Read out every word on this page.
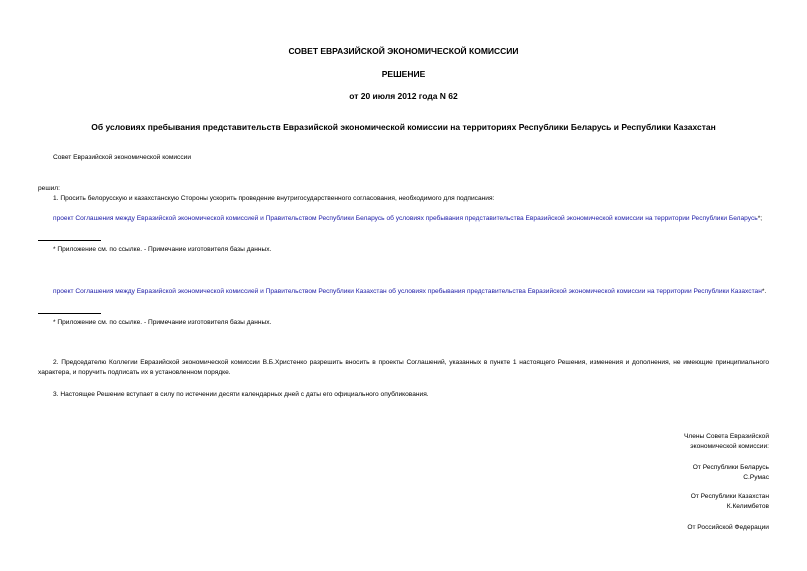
СОВЕТ ЕВРАЗИЙСКОЙ ЭКОНОМИЧЕСКОЙ КОМИССИИ
РЕШЕНИЕ
от 20 июля 2012 года N 62
Об условиях пребывания представительств Евразийской экономической комиссии на территориях Республики Беларусь и Республики Казахстан
Совет Евразийской экономической комиссии
решил:
1. Просить белорусскую и казахстанскую Стороны ускорить проведение внутригосударственного согласования, необходимого для подписания:
проект Соглашения между Евразийской экономической комиссией и Правительством Республики Беларусь об условиях пребывания представительства Евразийской экономической комиссии на территории Республики Беларусь*;
* Приложение см. по ссылке. - Примечание изготовителя базы данных.
проект Соглашения между Евразийской экономической комиссией и Правительством Республики Казахстан об условиях пребывания представительства Евразийской экономической комиссии на территории Республики Казахстан*.
* Приложение см. по ссылке. - Примечание изготовителя базы данных.
2. Председателю Коллегии Евразийской экономической комиссии В.Б.Христенко разрешить вносить в проекты Соглашений, указанных в пункте 1 настоящего Решения, изменения и дополнения, не имеющие принципиального характера, и поручить подписать их в установленном порядке.
3. Настоящее Решение вступает в силу по истечении десяти календарных дней с даты его официального опубликования.
Члены Совета Евразийской
экономической комиссии:
От Республики Беларусь
С.Румас
От Республики Казахстан
К.Келимбетов
От Российской Федерации
